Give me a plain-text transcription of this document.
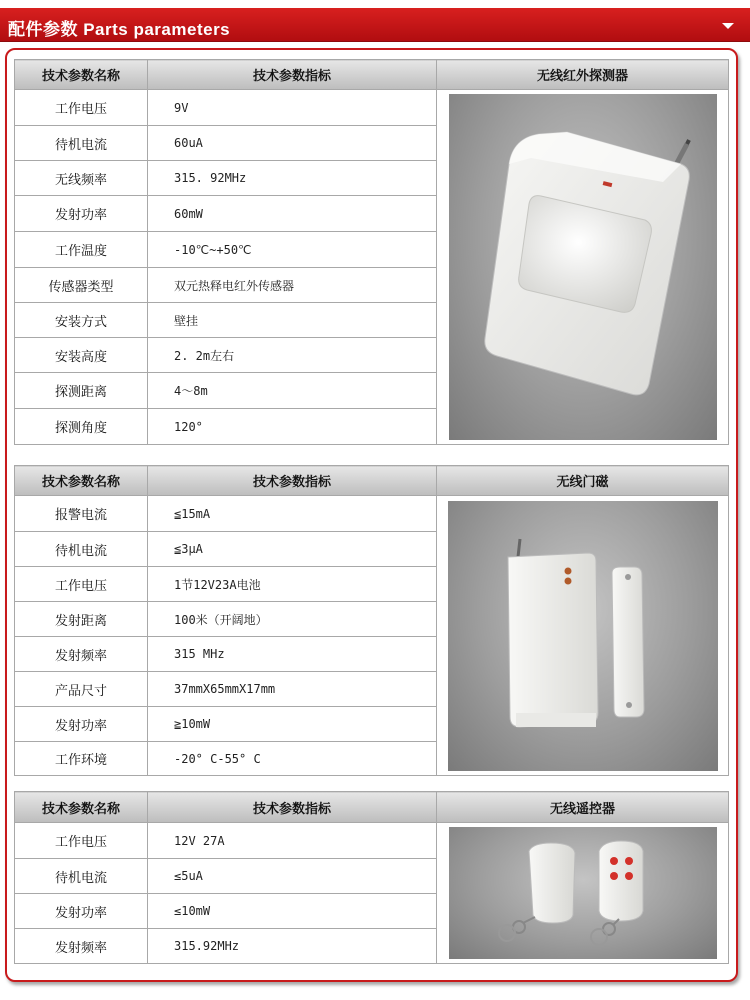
配件参数 Parts parameters
技术参数名称	技术参数指标	无线红外探测器
工作电压	9V	

待机电流	60uA	
无线频率	315. 92MHz	
发射功率	60mW	
工作温度	-10℃~+50℃	
传感器类型	双元热释电红外传感器	
安装方式	壁挂	
安装高度	2. 2m左右	
探测距离	4～8m	
探测角度	120°	
技术参数名称	技术参数指标	无线门磁
报警电流	≦15mA	

待机电流	≦3μA	
工作电压	1节12V23A电池	
发射距离	100米（开阔地）	
发射频率	315 MHz	
产品尺寸	37mmX65mmX17mm	
发射功率	≧10mW	
工作环境	-20° C-55° C	
技术参数名称	技术参数指标	无线遥控器
工作电压	12V 27A	

待机电流	≤5uA	
发射功率	≤10mW	
发射频率	315.92MHz	
